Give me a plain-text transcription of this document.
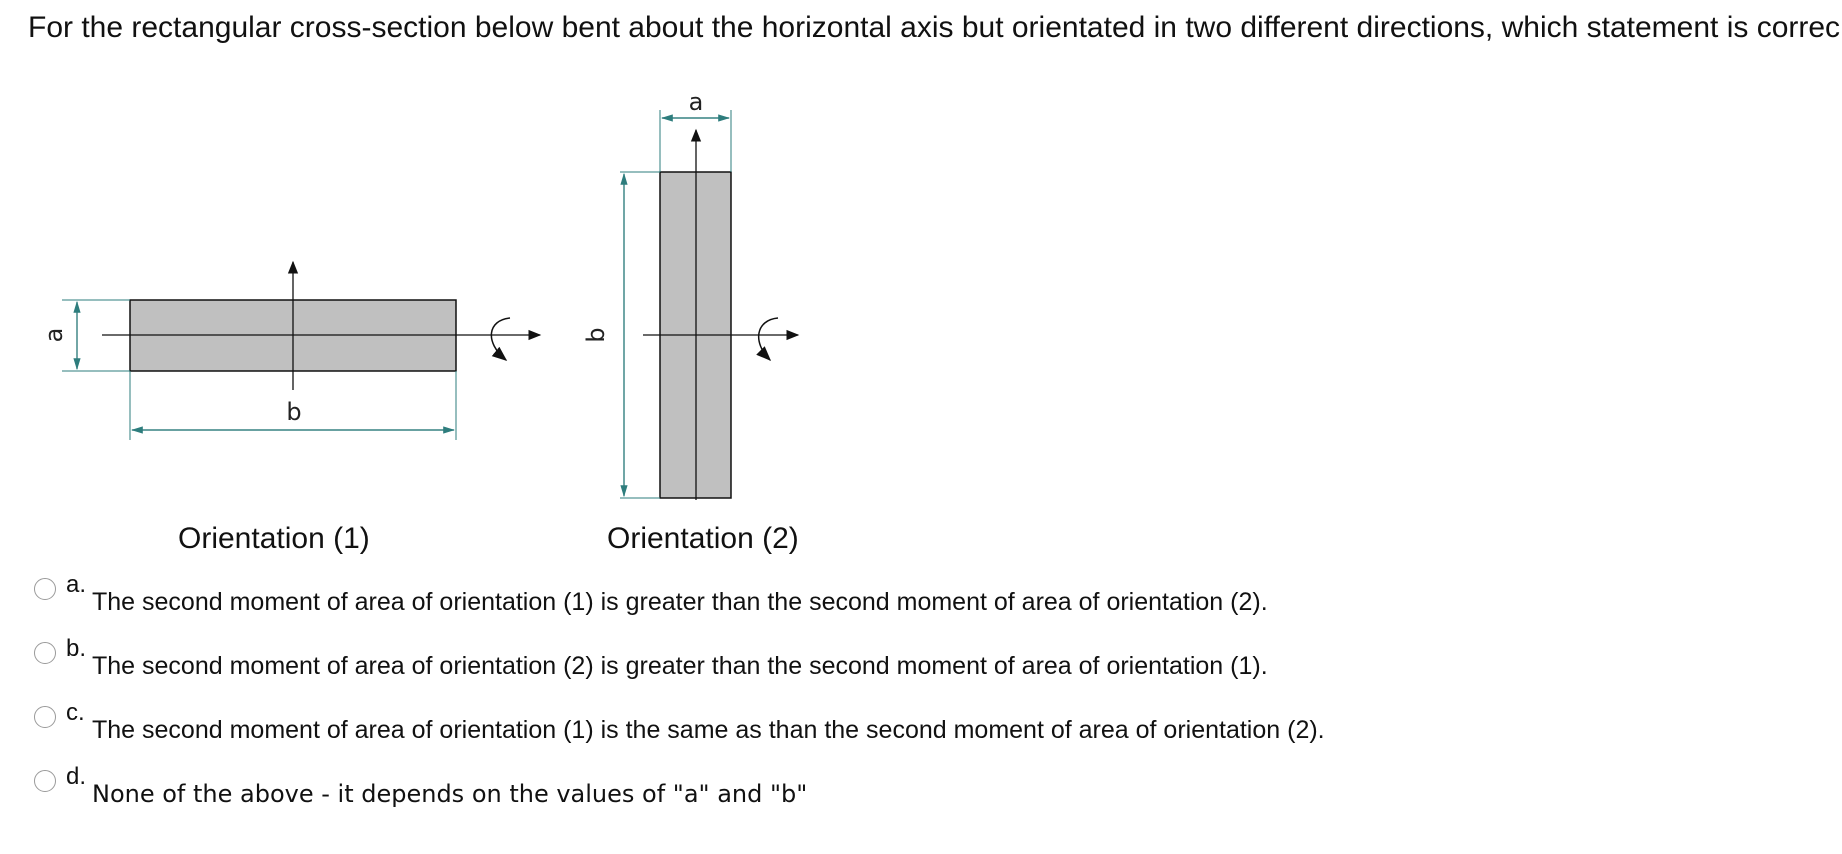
For the rectangular cross-section below bent about the horizontal axis but orientated in two different directions, which statement is correc
a
b
a
b
Orientation (1)	Orientation (2)
a.
The second moment of area of orientation (1) is greater than the second moment of area of orientation (2).
b.
The second moment of area of orientation (2) is greater than the second moment of area of orientation (1).
c.
The second moment of area of orientation (1) is the same as than the second moment of area of orientation (2).
d.
None of the above - it depends on the values of "a" and "b"
